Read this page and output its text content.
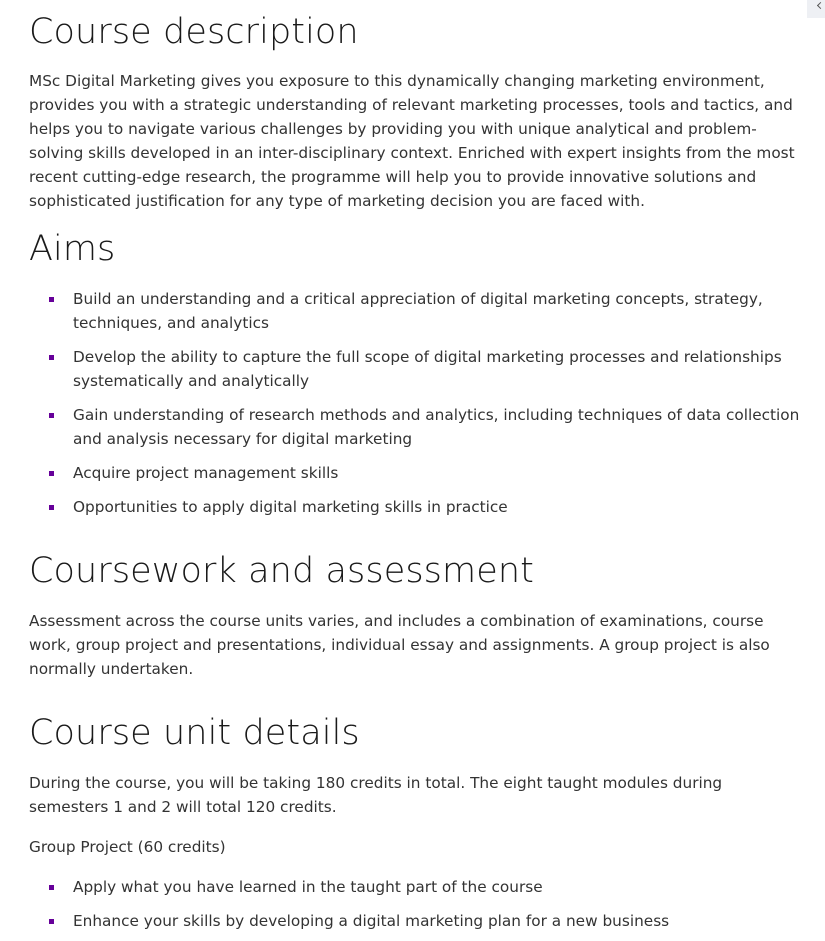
Course description

MSc Digital Marketing gives you exposure to this dynamically changing marketing environment,
provides you with a strategic understanding of relevant marketing processes, tools and tactics, and
helps you to navigate various challenges by providing you with unique analytical and problem-
solving skills developed in an inter-disciplinary context. Enriched with expert insights from the most
recent cutting-edge research, the programme will help you to provide innovative solutions and
sophisticated justification for any type of marketing decision you are faced with.

Aims
Build an understanding and a critical appreciation of digital marketing concepts, strategy,
techniques, and analytics
Develop the ability to capture the full scope of digital marketing processes and relationships
systematically and analytically
Gain understanding of research methods and analytics, including techniques of data collection
and analysis necessary for digital marketing
Acquire project management skills
Opportunities to apply digital marketing skills in practice
Coursework and assessment

Assessment across the course units varies, and includes a combination of examinations, course
work, group project and presentations, individual essay and assignments. A group project is also
normally undertaken.

Course unit details

During the course, you will be taking 180 credits in total. The eight taught modules during
semesters 1 and 2 will total 120 credits.

Group Project (60 credits)

Apply what you have learned in the taught part of the course
Enhance your skills by developing a digital marketing plan for a new business
